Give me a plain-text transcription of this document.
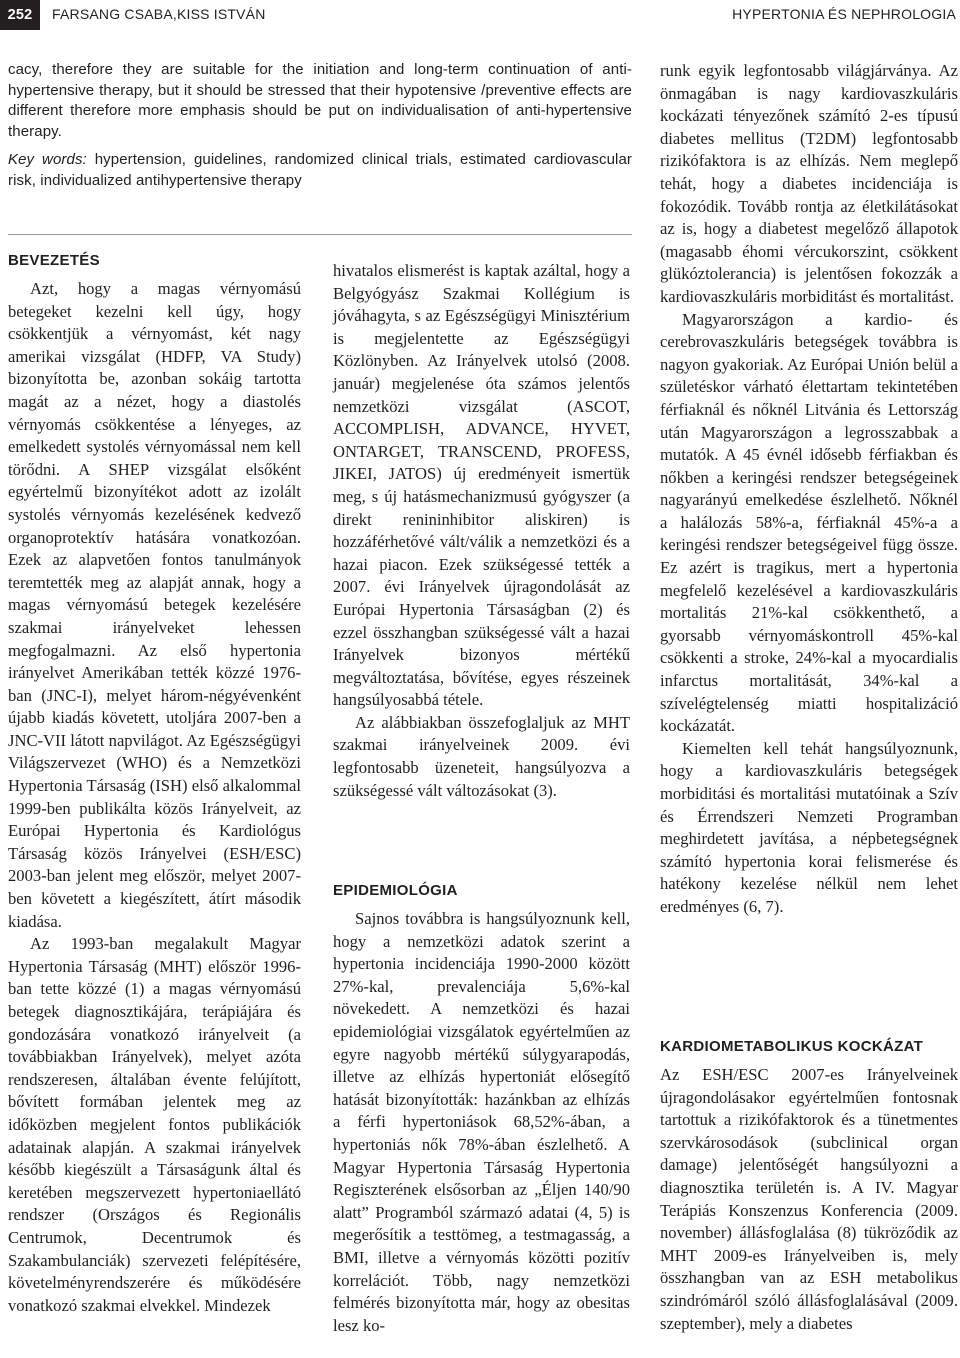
252	FARSANG CSABA,KISS ISTVÁN	HYPERTONIA ÉS NEPHROLOGIA

cacy, therefore they are suitable for the initiation and long-term continuation of anti-hypertensive therapy, but it should be stressed that their hypotensive /preventive effects are different therefore more emphasis should be put on individualisation of anti-hypertensive therapy.

Key words: hypertension, guidelines, randomized clinical trials, estimated cardiovascular risk, individualized antihypertensive therapy

BEVEZETÉS

Azt, hogy a magas vérnyomású betegeket kezelni kell úgy, hogy csökkentjük a vérnyomást, két nagy amerikai vizsgálat (HDFP, VA Study) bizonyította be, azonban sokáig tartotta magát az a nézet, hogy a diastolés vérnyomás csökkentése a lényeges, az emelkedett systolés vérnyomással nem kell törődni. A SHEP vizsgálat elsőként egyértelmű bizonyítékot adott az izolált systolés vérnyomás kezelésének kedvező organoprotektív hatására vonatkozóan. Ezek az alapvetően fontos tanulmányok teremtették meg az alapját annak, hogy a magas vérnyomású betegek kezelésére szakmai irányelveket lehessen megfogalmazni. Az első hypertonia irányelvet Amerikában tették közzé 1976-ban (JNC-I), melyet három-négyévenként újabb kiadás követett, utoljára 2007-ben a JNC-VII látott napvilágot. Az Egészségügyi Világszervezet (WHO) és a Nemzetközi Hypertonia Társaság (ISH) első alkalommal 1999-ben publikálta közös Irányelveit, az Európai Hypertonia és Kardiológus Társaság közös Irányelvei (ESH/ESC) 2003-ban jelent meg először, melyet 2007-ben követett a kiegészített, átírt második kiadása.

Az 1993-ban megalakult Magyar Hypertonia Társaság (MHT) először 1996-ban tette közzé (1) a magas vérnyomású betegek diagnosztikájára, terápiájára és gondozására vonatkozó irányelveit (a továbbiakban Irányelvek), melyet azóta rendszeresen, általában évente felújított, bővített formában jelentek meg az időközben megjelent fontos publikációk adatainak alapján. A szakmai irányelvek később kiegészült a Társaságunk által és keretében megszervezett hypertoniaellátó rendszer (Országos és Regionális Centrumok, Decentrumok és Szakambulanciák) szervezeti felépítésére, követelményrendszerére és működésére vonatkozó szakmai elvekkel. Mindezek

hivatalos elismerést is kaptak azáltal, hogy a Belgyógyász Szakmai Kollégium is jóváhagyta, s az Egészségügyi Minisztérium is megjelentette az Egészségügyi Közlönyben. Az Irányelvek utolsó (2008. január) megjelenése óta számos jelentős nemzetközi vizsgálat (ASCOT, ACCOMPLISH, ADVANCE, HYVET, ONTARGET, TRANSCEND, PROFESS, JIKEI, JATOS) új eredményeit ismertük meg, s új hatásmechanizmusú gyógyszer (a direkt renininhibitor aliskiren) is hozzáférhetővé vált/válik a nemzetközi és a hazai piacon. Ezek szükségessé tették a 2007. évi Irányelvek újragondolását az Európai Hypertonia Társaságban (2) és ezzel összhangban szükségessé vált a hazai Irányelvek bizonyos mértékű megváltoztatása, bővítése, egyes részeinek hangsúlyosabbá tétele.

Az alábbiakban összefoglaljuk az MHT szakmai irányelveinek 2009. évi legfontosabb üzeneteit, hangsúlyozva a szükségessé vált változásokat (3).

EPIDEMIOLÓGIA

Sajnos továbbra is hangsúlyoznunk kell, hogy a nemzetközi adatok szerint a hypertonia incidenciája 1990-2000 között 27%-kal, prevalenciája 5,6%-kal növekedett. A nemzetközi és hazai epidemiológiai vizsgálatok egyértelműen az egyre nagyobb mértékű súlygyarapodás, illetve az elhízás hypertoniát elősegítő hatását bizonyították: hazánkban az elhízás a férfi hypertoniások 68,52%-ában, a hypertoniás nők 78%-ában észlelhető. A Magyar Hypertonia Társaság Hypertonia Regiszterének elsősorban az „Éljen 140/90 alatt” Programból származó adatai (4, 5) is megerősítik a testtömeg, a testmagasság, a BMI, illetve a vérnyomás közötti pozitív korrelációt. Több, nagy nemzetközi felmérés bizonyította már, hogy az obesitas lesz ko-

runk egyik legfontosabb világjárványa. Az önmagában is nagy kardiovaszkuláris kockázati tényezőnek számító 2-es típusú diabetes mellitus (T2DM) legfontosabb rizikófaktora is az elhízás. Nem meglepő tehát, hogy a diabetes incidenciája is fokozódik. Tovább rontja az életkilátásokat az is, hogy a diabetest megelőző állapotok (magasabb éhomi vércukorszint, csökkent glükóztolerancia) is jelentősen fokozzák a kardiovaszkuláris morbiditást és mortalitást.

Magyarországon a kardio- és cerebrovaszkuláris betegségek továbbra is nagyon gyakoriak. Az Európai Unión belül a születéskor várható élettartam tekintetében férfiaknál és nőknél Litvánia és Lettország után Magyarországon a legrosszabbak a mutatók. A 45 évnél idősebb férfiakban és nőkben a keringési rendszer betegségeinek nagyarányú emelkedése észlelhető. Nőknél a halálozás 58%-a, férfiaknál 45%-a a keringési rendszer betegségeivel függ össze. Ez azért is tragikus, mert a hypertonia megfelelő kezelésével a kardiovaszkuláris mortalitás 21%-kal csökkenthető, a gyorsabb vérnyomáskontroll 45%-kal csökkenti a stroke, 24%-kal a myocardialis infarctus mortalitását, 34%-kal a szívelégtelenség miatti hospitalizáció kockázatát.

Kiemelten kell tehát hangsúlyoznunk, hogy a kardiovaszkuláris betegségek morbiditási és mortalitási mutatóinak a Szív és Érrendszeri Nemzeti Programban meghirdetett javítása, a népbetegségnek számító hypertonia korai felismerése és hatékony kezelése nélkül nem lehet eredményes (6, 7).

KARDIOMETABOLIKUS KOCKÁZAT

Az ESH/ESC 2007-es Irányelveinek újragondolásakor egyértelműen fontosnak tartottuk a rizikófaktorok és a tünetmentes szervkárosodások (subclinical organ damage) jelentőségét hangsúlyozni a diagnosztika területén is. A IV. Magyar Terápiás Konszenzus Konferencia (2009. november) állásfoglalása (8) tükröződik az MHT 2009-es Irányelveiben is, mely összhangban van az ESH metabolikus szindrómáról szóló állásfoglalásával (2009. szeptember), mely a diabetes
